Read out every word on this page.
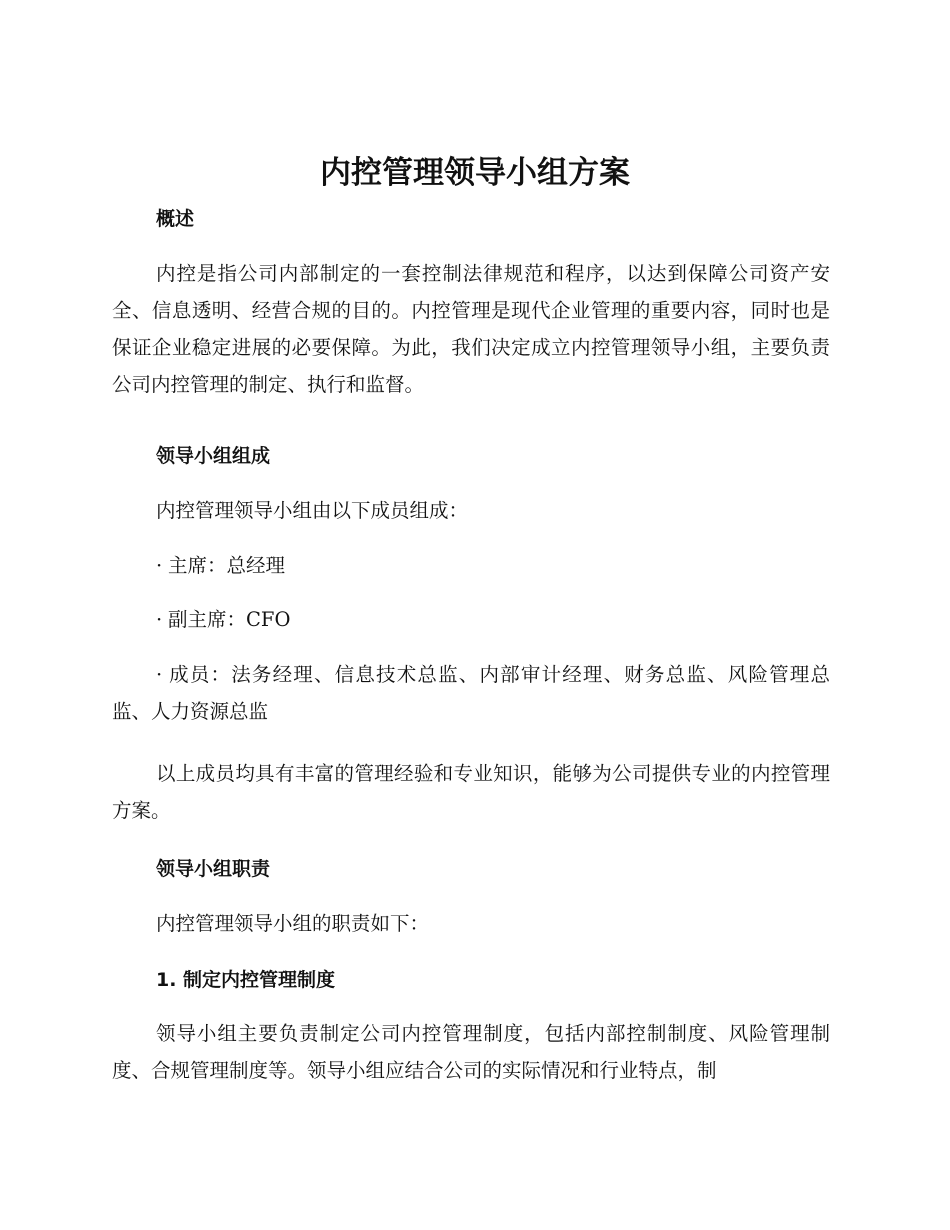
内控管理领导小组方案
概述

内控是指公司内部制定的一套控制法律规范和程序，以达到保障公司资产安全、信息透明、经营合规的目的。内控管理是现代企业管理的重要内容，同时也是保证企业稳定进展的必要保障。为此，我们决定成立内控管理领导小组，主要负责公司内控管理的制定、执行和监督。

领导小组组成

内控管理领导小组由以下成员组成：

· 主席：总经理

· 副主席：CFO

· 成员：法务经理、信息技术总监、内部审计经理、财务总监、风险管理总监、人力资源总监

以上成员均具有丰富的管理经验和专业知识，能够为公司提供专业的内控管理方案。

领导小组职责

内控管理领导小组的职责如下：

1. 制定内控管理制度

领导小组主要负责制定公司内控管理制度，包括内部控制制度、风险管理制度、合规管理制度等。领导小组应结合公司的实际情况和行业特点，制
